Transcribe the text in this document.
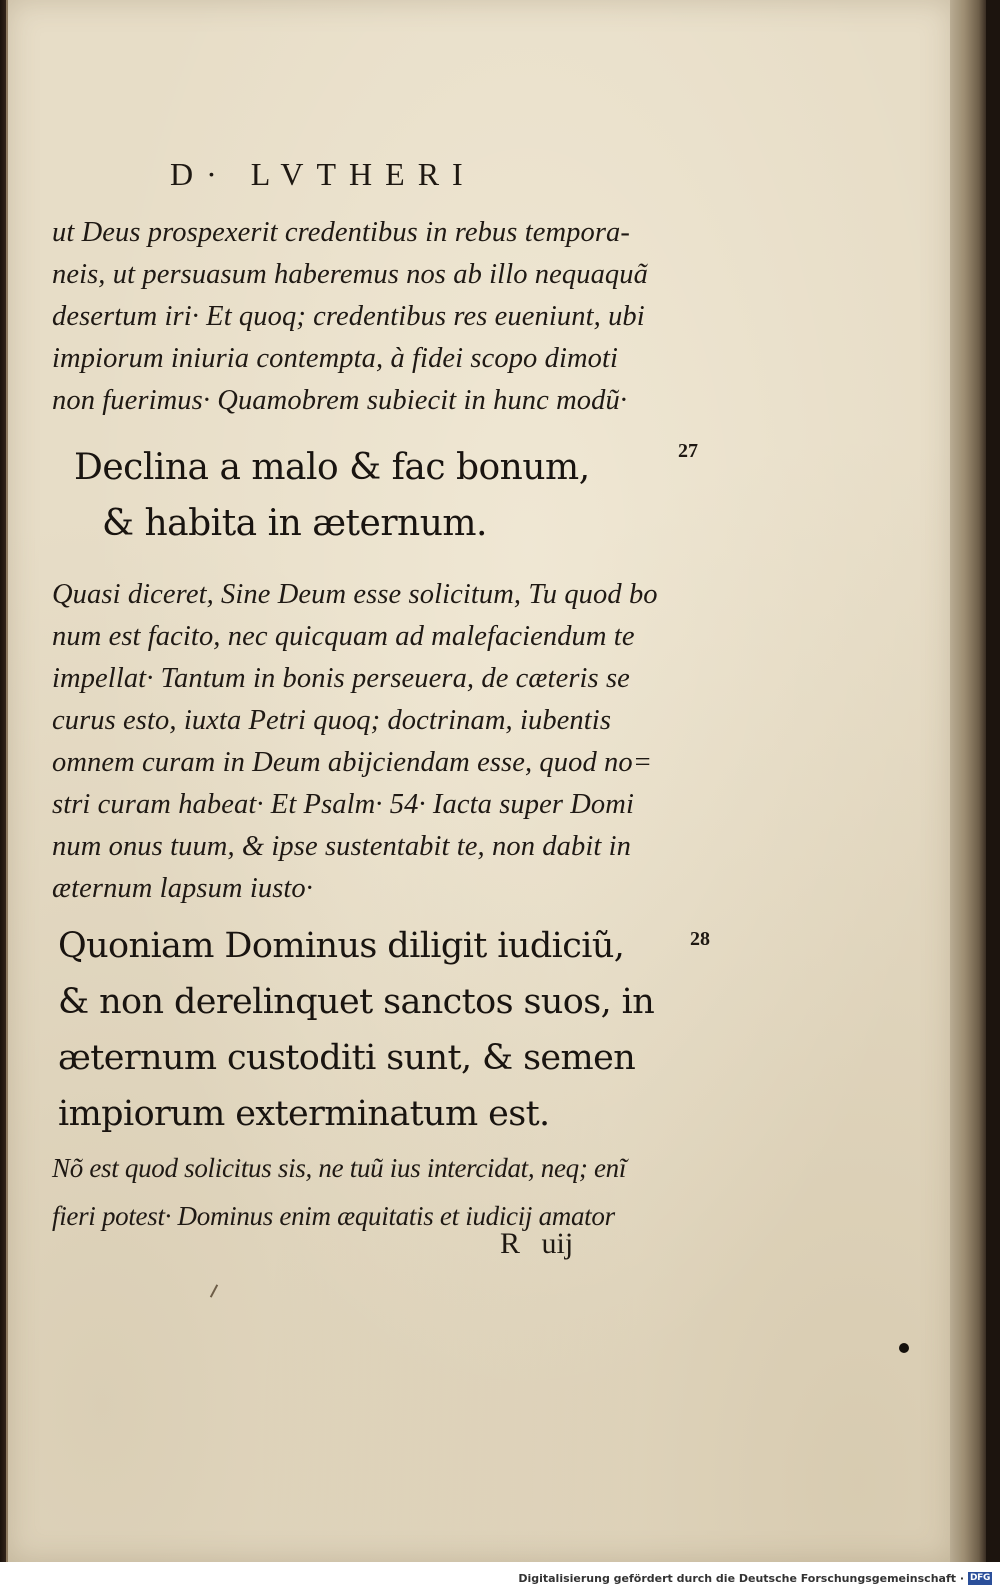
D· LVTHERI
ut Deus prospexerit credentibus in rebus tempora-
neis, ut persuasum haberemus nos ab illo nequaquã
desertum iri· Et quoq; credentibus res eueniunt, ubi
impiorum iniuria contempta, à fidei scopo dimoti
non fuerimus· Quamobrem subiecit in hunc modũ·
Declina a malo & fac bonum,
& habita in æternum.
27
Quasi diceret, Sine Deum esse solicitum, Tu quod bo
num est facito, nec quicquam ad malefaciendum te
impellat· Tantum in bonis perseuera, de cæteris se
curus esto, iuxta Petri quoq; doctrinam, iubentis
omnem curam in Deum abijciendam esse, quod no=
stri curam habeat· Et Psalm· 54· Iacta super Domi
num onus tuum, & ipse sustentabit te, non dabit in
æternum lapsum iusto·
Quoniam Dominus diligit iudiciũ,
& non derelinquet sanctos suos, in
æternum custoditi sunt, & semen
impiorum exterminatum est.
28
Nõ est quod solicitus sis, ne tuũ ius intercidat, neq; enĩ
fieri potest· Dominus enim æquitatis et iudicij amator
R uij
Digitalisierung gefördert durch die Deutsche Forschungsgemeinschaft · DFG
